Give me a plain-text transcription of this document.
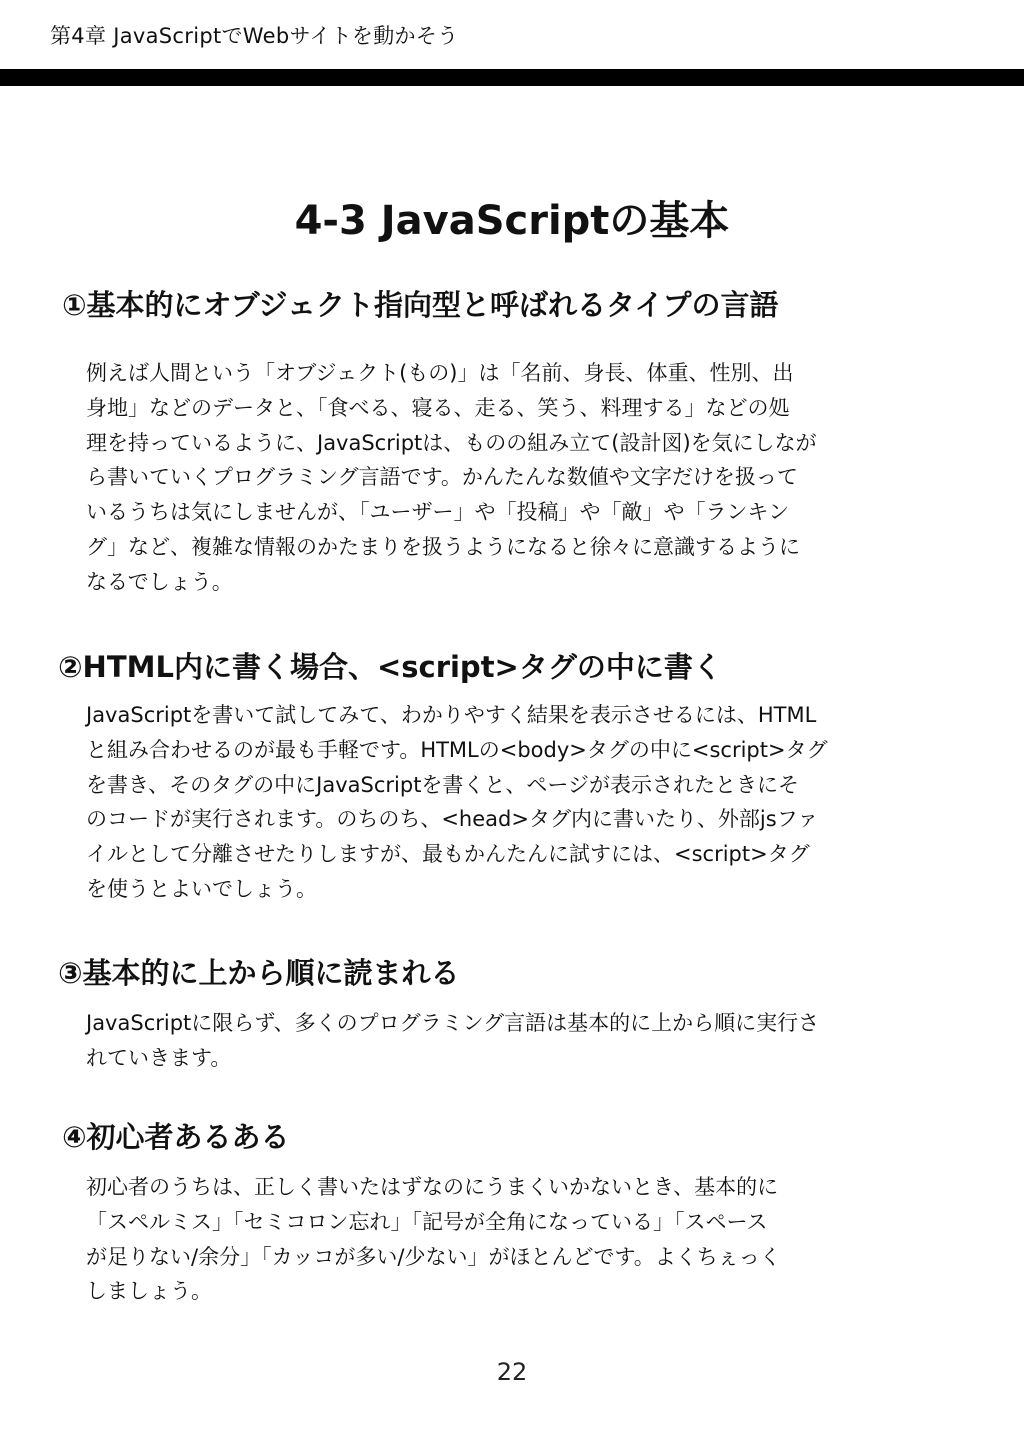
第4章 JavaScriptでWebサイトを動かそう
4-3 JavaScriptの基本
①基本的にオブジェクト指向型と呼ばれるタイプの言語
例えば人間という「オブジェクト(もの)」は「名前、身長、体重、性別、出
身地」などのデータと、「食べる、寝る、走る、笑う、料理する」などの処
理を持っているように、JavaScriptは、ものの組み立て(設計図)を気にしなが
ら書いていくプログラミング言語です。かんたんな数値や文字だけを扱って
いるうちは気にしませんが、「ユーザー」や「投稿」や「敵」や「ランキン
グ」など、複雑な情報のかたまりを扱うようになると徐々に意識するように
なるでしょう。
②HTML内に書く場合、<script>タグの中に書く
JavaScriptを書いて試してみて、わかりやすく結果を表示させるには、HTML
と組み合わせるのが最も手軽です。HTMLの<body>タグの中に<script>タグ
を書き、そのタグの中にJavaScriptを書くと、ページが表示されたときにそ
のコードが実行されます。のちのち、<head>タグ内に書いたり、外部jsファ
イルとして分離させたりしますが、最もかんたんに試すには、<script>タグ
を使うとよいでしょう。
③基本的に上から順に読まれる
JavaScriptに限らず、多くのプログラミング言語は基本的に上から順に実行さ
れていきます。
④初心者あるある
初心者のうちは、正しく書いたはずなのにうまくいかないとき、基本的に
「スペルミス」「セミコロン忘れ」「記号が全角になっている」「スペース
が足りない/余分」「カッコが多い/少ない」がほとんどです。よくちぇっく
しましょう。
22
